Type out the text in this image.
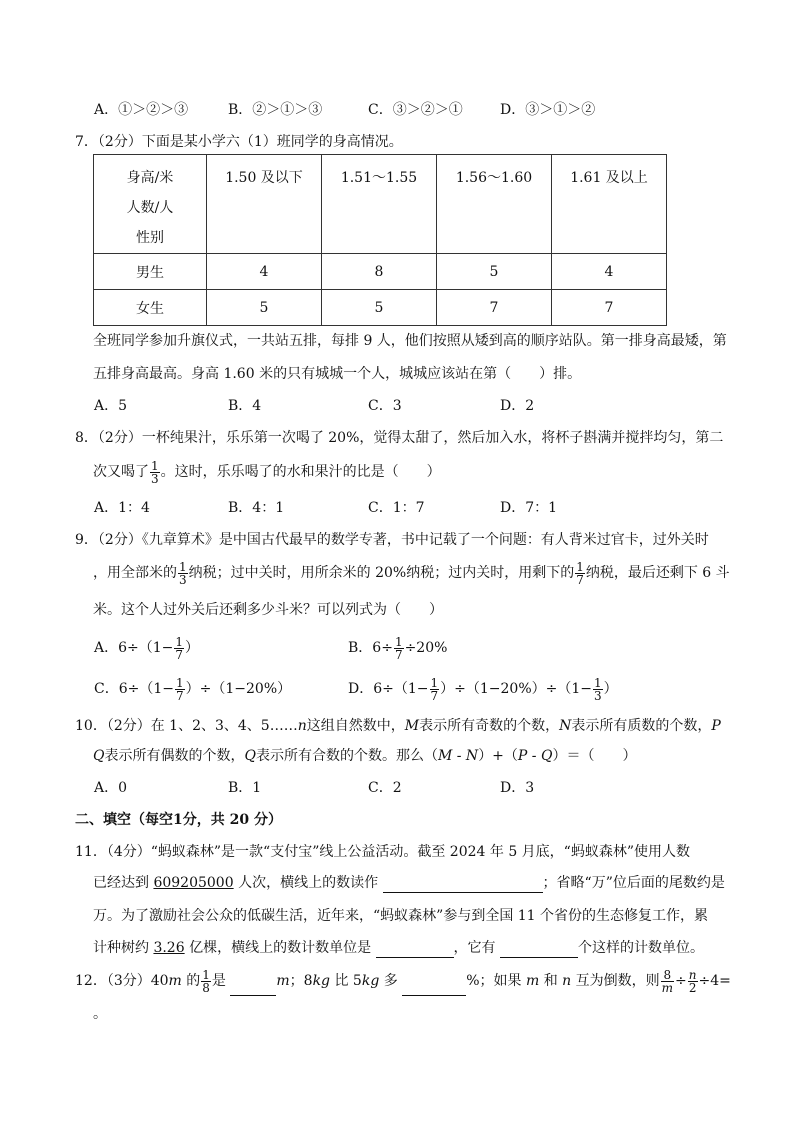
A．①＞②＞③	B．②＞①＞③	C．③＞②＞①	D．③＞①＞②
7．（2分）下面是某小学六（1）班同学的身高情况。
身高/米
人数/人
性别	1.50 及以下	1.51～1.55	1.56～1.60	1.61 及以上

男生	4	8	5	4
女生	5	5	7	7
全班同学参加升旗仪式，一共站五排，每排 9 人，他们按照从矮到高的顺序站队。第一排身高最矮，第
五排身高最高。身高 1.60 米的只有城城一个人，城城应该站在第（　　）排。
A．5	B．4	C．3	D．2
8．（2分）一杯纯果汁，乐乐第一次喝了 20%，觉得太甜了，然后加入水，将杯子斟满并搅拌均匀，第二
次又喝了 $\frac{1}{3}$ 。这时，乐乐喝了的水和果汁的比是（　　）
A．1：4	B．4：1	C．1：7	D．7：1
9．（2分）《九章算术》是中国古代最早的数学专著，书中记载了一个问题：有人背米过官卡，过外关时
，用全部米的 $\frac{1}{3}$ 纳税；过中关时，用所余米的 20%纳税；过内关时，用剩下的 $\frac{1}{7}$ 纳税，最后还剩下 6 斗
米。这个人过外关后还剩多少斗米？可以列式为（　　）
A．$6\div(1- \frac{1}{7}$ ）	B．$6\div \frac{1}{7} \div 20\%$
C．$6\div(1- \frac{1}{7} )\div(1-20\%)$	D．$6\div(1- \frac{1}{7} )\div(1-20\%)\div(1- \frac{1}{3}$ ）
10．（2分）在 1、2、3、4、5……n这组自然数中，M表示所有奇数的个数，N表示所有质数的个数，P
Q表示所有偶数的个数，Q表示所有合数的个数。那么（M - N）+（P - Q）＝（　　）
A．0	B．1	C．2	D．3
二、填空（每空1分，共 20 分）
11．（4分）“蚂蚁森林”是一款“支付宝”线上公益活动。截至 2024 年 5 月底，“蚂蚁森林”使用人数
已经达到 609205000 人次，横线上的数读作	；省略“万”位后面的尾数约是
万。为了激励社会公众的低碳生活，近年来，“蚂蚁森林”参与到全国 11 个省份的生态修复工作，累
计种树约 3.26 亿棵，横线上的数计数单位是	，它有	个这样的计数单位。
12．（3分）40m 的 $\frac{1}{8}$ 是	m；8kg 比 5kg 多	%；如果 m 和 n 互为倒数，则 $\frac{8}{m} \div \frac{n}{2} \div 4=$
。
